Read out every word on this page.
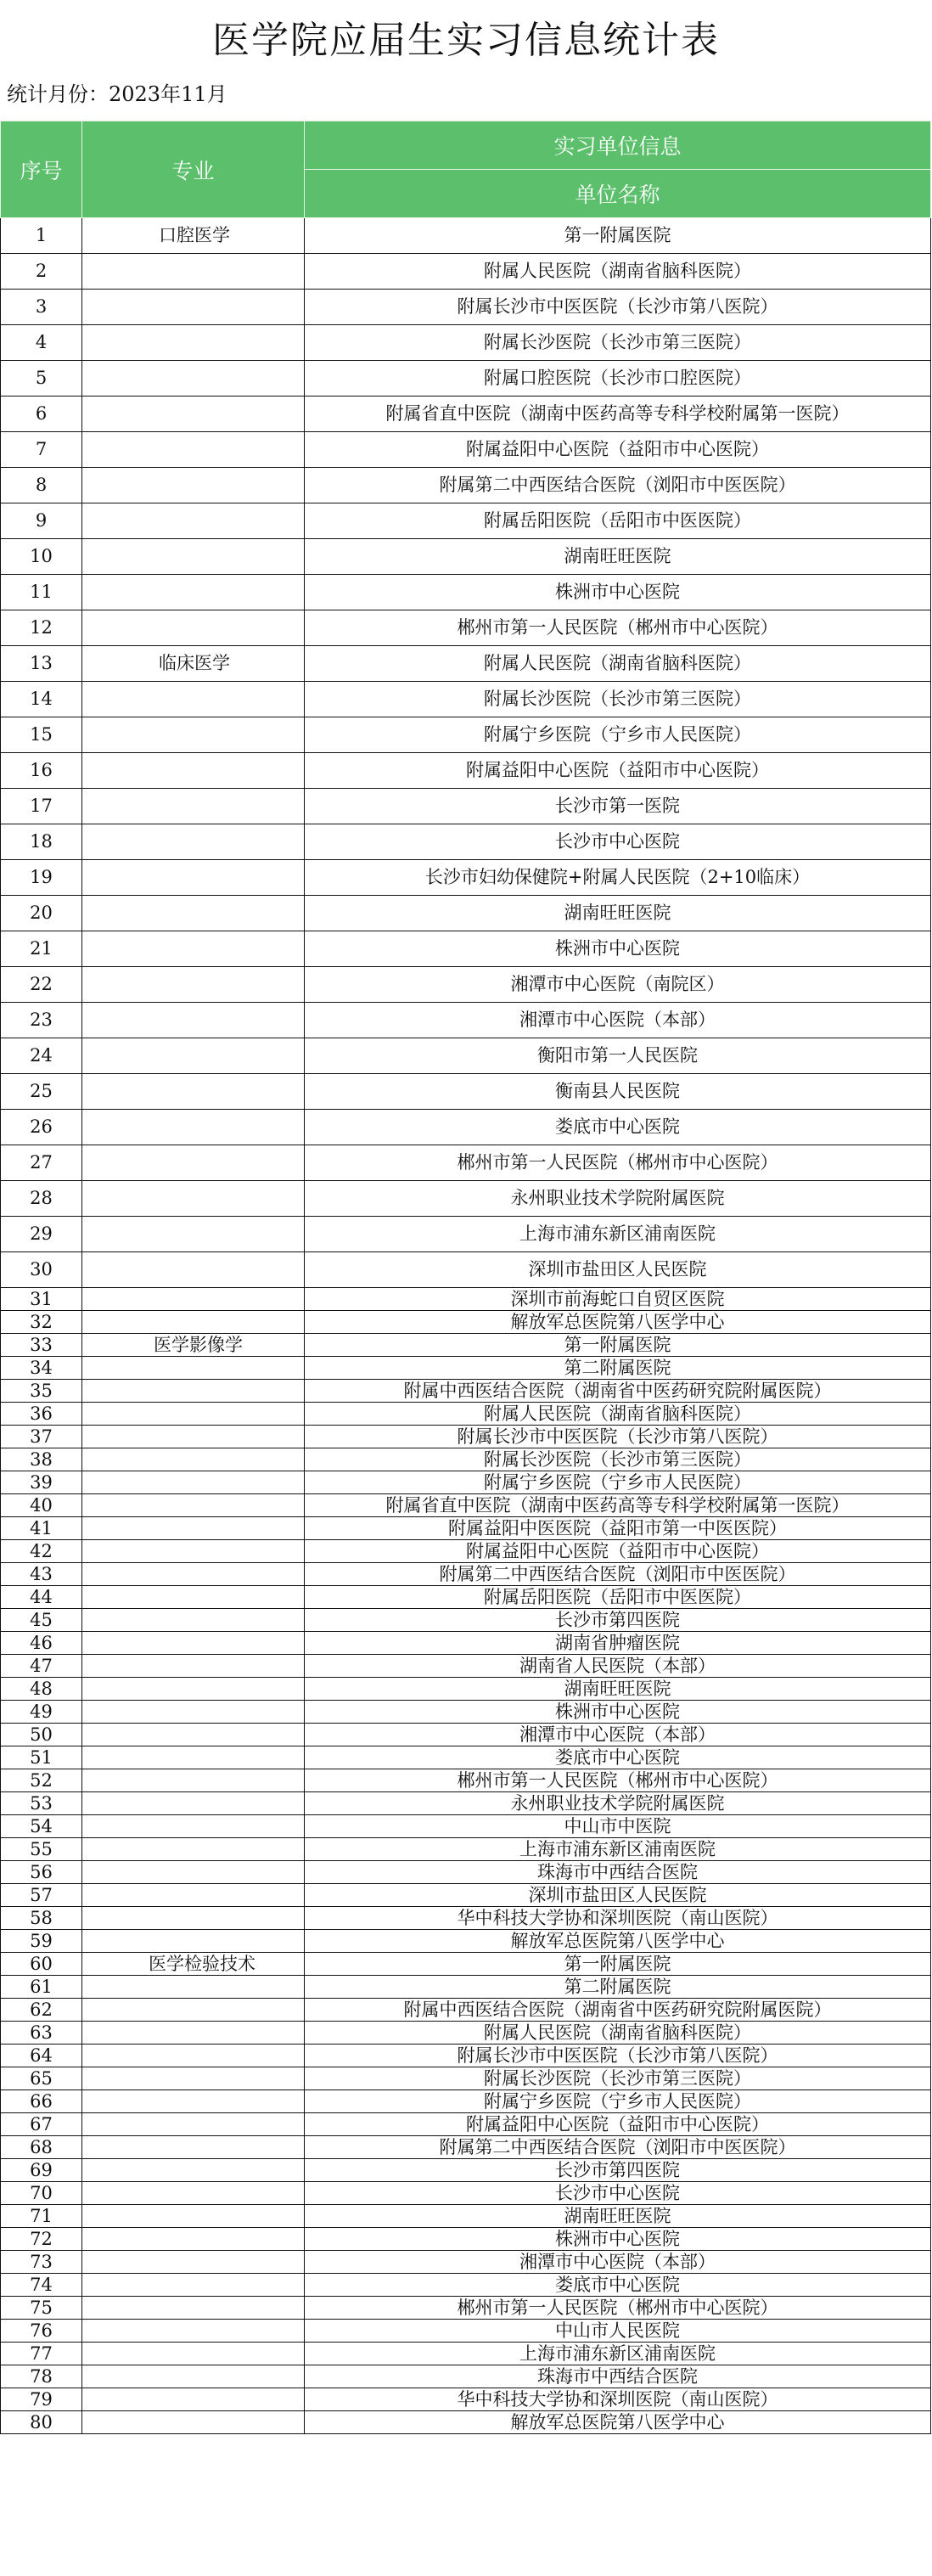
医学院应届生实习信息统计表
统计月份：2023年11月
序号	专业	实习单位信息
		单位名称
1	口腔医学	第一附属医院
2		附属人民医院（湖南省脑科医院）
3		附属长沙市中医医院（长沙市第八医院）
4		附属长沙医院（长沙市第三医院）
5		附属口腔医院（长沙市口腔医院）
6		附属省直中医院（湖南中医药高等专科学校附属第一医院）
7		附属益阳中心医院（益阳市中心医院）
8		附属第二中西医结合医院（浏阳市中医医院）
9		附属岳阳医院（岳阳市中医医院）
10		湖南旺旺医院
11		株洲市中心医院
12		郴州市第一人民医院（郴州市中心医院）
13	临床医学	附属人民医院（湖南省脑科医院）
14		附属长沙医院（长沙市第三医院）
15		附属宁乡医院（宁乡市人民医院）
16		附属益阳中心医院（益阳市中心医院）
17		长沙市第一医院
18		长沙市中心医院
19		长沙市妇幼保健院+附属人民医院（2+10临床）
20		湖南旺旺医院
21		株洲市中心医院
22		湘潭市中心医院（南院区）
23		湘潭市中心医院（本部）
24		衡阳市第一人民医院
25		衡南县人民医院
26		娄底市中心医院
27		郴州市第一人民医院（郴州市中心医院）
28		永州职业技术学院附属医院
29		上海市浦东新区浦南医院
30		深圳市盐田区人民医院
31		深圳市前海蛇口自贸区医院
32		解放军总医院第八医学中心
33	医学影像学	第一附属医院
34		第二附属医院
35		附属中西医结合医院（湖南省中医药研究院附属医院）
36		附属人民医院（湖南省脑科医院）
37		附属长沙市中医医院（长沙市第八医院）
38		附属长沙医院（长沙市第三医院）
39		附属宁乡医院（宁乡市人民医院）
40		附属省直中医院（湖南中医药高等专科学校附属第一医院）
41		附属益阳中医医院（益阳市第一中医医院）
42		附属益阳中心医院（益阳市中心医院）
43		附属第二中西医结合医院（浏阳市中医医院）
44		附属岳阳医院（岳阳市中医医院）
45		长沙市第四医院
46		湖南省肿瘤医院
47		湖南省人民医院（本部）
48		湖南旺旺医院
49		株洲市中心医院
50		湘潭市中心医院（本部）
51		娄底市中心医院
52		郴州市第一人民医院（郴州市中心医院）
53		永州职业技术学院附属医院
54		中山市中医院
55		上海市浦东新区浦南医院
56		珠海市中西结合医院
57		深圳市盐田区人民医院
58		华中科技大学协和深圳医院（南山医院）
59		解放军总医院第八医学中心
60	医学检验技术	第一附属医院
61		第二附属医院
62		附属中西医结合医院（湖南省中医药研究院附属医院）
63		附属人民医院（湖南省脑科医院）
64		附属长沙市中医医院（长沙市第八医院）
65		附属长沙医院（长沙市第三医院）
66		附属宁乡医院（宁乡市人民医院）
67		附属益阳中心医院（益阳市中心医院）
68		附属第二中西医结合医院（浏阳市中医医院）
69		长沙市第四医院
70		长沙市中心医院
71		湖南旺旺医院
72		株洲市中心医院
73		湘潭市中心医院（本部）
74		娄底市中心医院
75		郴州市第一人民医院（郴州市中心医院）
76		中山市人民医院
77		上海市浦东新区浦南医院
78		珠海市中西结合医院
79		华中科技大学协和深圳医院（南山医院）
80		解放军总医院第八医学中心
